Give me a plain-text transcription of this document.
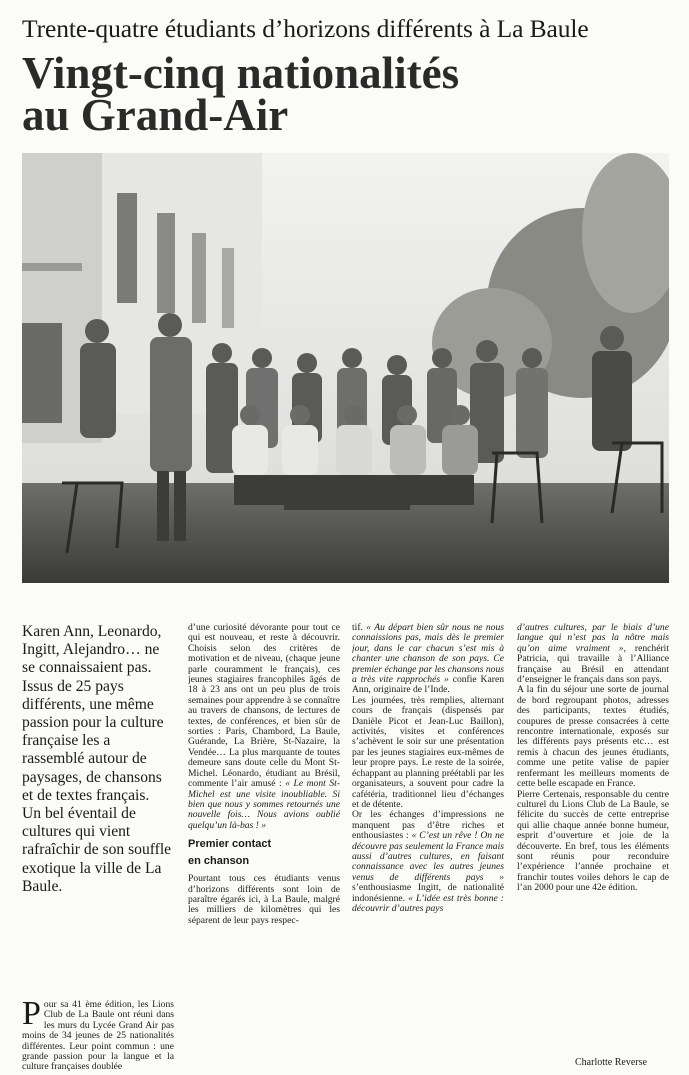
Trente-quatre étudiants d’horizons différents à La Baule
Vingt-cinq nationalités
au Grand-Air

Karen Ann, Leonardo, Ingitt, Alejandro… ne se connaissaient pas. Issus de 25 pays différents, une même passion pour la culture française les a rassemblé autour de paysages, de chansons et de textes français. Un bel éventail de cultures qui vient rafraîchir de son souffle exotique la ville de La Baule.

Pour sa 41 ème édition, les Lions Club de La Baule ont réuni dans les murs du Lycée Grand Air pas moins de 34 jeunes de 25 nationalités différentes. Leur point commun : une grande passion pour la langue et la culture françaises doublée

d’une curiosité dévorante pour tout ce qui est nouveau, et reste à découvrir. Choisis selon des critères de motivation et de niveau, (chaque jeune parle couramment le français), ces jeunes stagiaires francophiles âgés de 18 à 23 ans ont un peu plus de trois semaines pour apprendre à se connaître au travers de chansons, de lectures de textes, de conférences, et bien sûr de sorties : Paris, Chambord, La Baule, Guérande, La Brière, St-Nazaire, la Vendée… La plus marquante de toutes demeure sans doute celle du Mont St-Michel. Léonardo, étudiant au Brésil, commente l’air amusé : « Le mont St-Michel est une visite inoubliable. Si bien que nous y sommes retournés une nouvelle fois… Nous avions oublié quelqu’un là-bas ! »

Premier contact
en chanson

Pourtant tous ces étudiants venus d’horizons différents sont loin de paraître égarés ici, à La Baule, malgré les milliers de kilomètres qui les séparent de leur pays respec-

tif. « Au départ bien sûr nous ne nous connaissions pas, mais dès le premier jour, dans le car chacun s’est mis à chanter une chanson de son pays. Ce premier échange par les chansons nous a très vite rapprochés » confie Karen Ann, originaire de l’Inde.

Les journées, très remplies, alternant cours de français (dispensés par Danièle Picot et Jean-Luc Baillon), activités, visites et conférences s’achèvent le soir sur une présentation par les jeunes stagiaires eux-mêmes de leur propre pays. Le reste de la soirée, échappant au planning préétabli par les organisateurs, a souvent pour cadre la cafétéria, traditionnel lieu d’échanges et de détente.

Or les échanges d’impressions ne manquent pas d’être riches et enthousiastes : « C’est un rêve ! On ne découvre pas seulement la France mais aussi d’autres cultures, en faisant connaissance avec les autres jeunes venus de différents pays » s’enthousiasme Ingitt, de nationalité indonésienne. « L’idée est très bonne : découvrir d’autres pays

d’autres cultures, par le biais d’une langue qui n’est pas la nôtre mais qu’on aime vraiment », renchérit Patricia, qui travaille à l’Alliance française au Brésil en attendant d’enseigner le français dans son pays.

A la fin du séjour une sorte de journal de bord regroupant photos, adresses des participants, textes étudiés, coupures de presse consacrées à cette rencontre internationale, exposés sur les différents pays présents etc… est remis à chacun des jeunes étudiants, comme une petite valise de papier renfermant les meilleurs moments de cette belle escapade en France.

Pierre Certenais, responsable du centre culturel du Lions Club de La Baule, se félicite du succès de cette entreprise qui allie chaque année bonne humeur, esprit d’ouverture et joie de la découverte. En bref, tous les éléments sont réunis pour reconduire l’expérience l’année prochaine et franchir toutes voiles dehors le cap de l’an 2000 pour une 42e édition.

Charlotte Reverse
